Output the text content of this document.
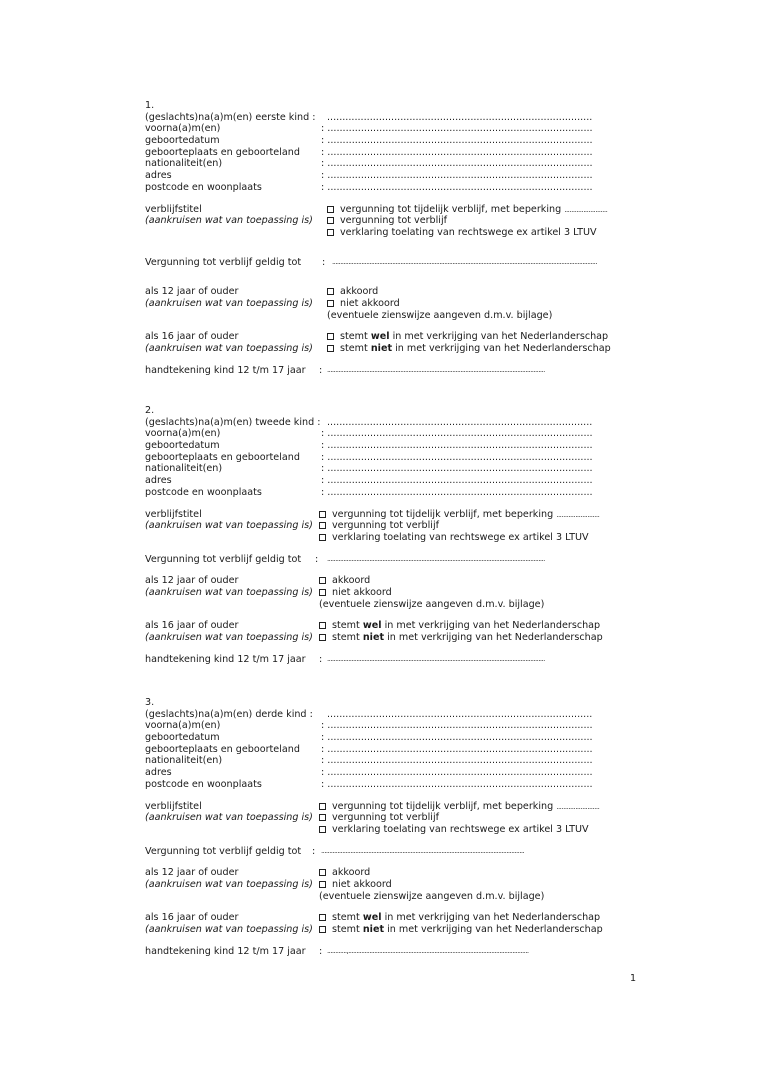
1.
(geslachts)na(a)m(en) eerste kind : .......................................................................................
voorna(a)m(en)	: .......................................................................................
geboortedatum	: .......................................................................................
geboorteplaats en geboorteland : .......................................................................................
nationaliteit(en)	: .......................................................................................
adres	: .......................................................................................
postcode en woonplaats	: .......................................................................................
verblijfstitel	vergunning tot tijdelijk verblijf, met beperking .........................
(aankruisen wat van toepassing is)	vergunning tot verblijf
verklaring toelating van rechtswege ex artikel 3 LTUV
Vergunning tot verblijf geldig tot : ...................................................................................................................................................................
als 12 jaar of ouder	akkoord
(aankruisen wat van toepassing is)	niet akkoord
(eventuele zienswijze aangeven d.m.v. bijlage)
als 16 jaar of ouder	stemt wel in met verkrijging van het Nederlanderschap
(aankruisen wat van toepassing is)	stemt niet in met verkrijging van het Nederlanderschap
handtekening kind 12 t/m 17 jaar : ......................................................................................................................................
2.
(geslachts)na(a)m(en) tweede kind : .......................................................................................
voorna(a)m(en)	: .......................................................................................
geboortedatum	: .......................................................................................
geboorteplaats en geboorteland : .......................................................................................
nationaliteit(en)	: .......................................................................................
adres	: .......................................................................................
postcode en woonplaats	: .......................................................................................
verblijfstitel	vergunning tot tijdelijk verblijf, met beperking .........................
(aankruisen wat van toepassing is)	vergunning tot verblijf
verklaring toelating van rechtswege ex artikel 3 LTUV
Vergunning tot verblijf geldig tot : ......................................................................................................................................
als 12 jaar of ouder	akkoord
(aankruisen wat van toepassing is)	niet akkoord
(eventuele zienswijze aangeven d.m.v. bijlage)
als 16 jaar of ouder	stemt wel in met verkrijging van het Nederlanderschap
(aankruisen wat van toepassing is)	stemt niet in met verkrijging van het Nederlanderschap
handtekening kind 12 t/m 17 jaar : ......................................................................................................................................
3.
(geslachts)na(a)m(en) derde kind : .......................................................................................
voorna(a)m(en)	: .......................................................................................
geboortedatum	: .......................................................................................
geboorteplaats en geboorteland : .......................................................................................
nationaliteit(en)	: .......................................................................................
adres	: .......................................................................................
postcode en woonplaats	: .......................................................................................
verblijfstitel	vergunning tot tijdelijk verblijf, met beperking .........................
(aankruisen wat van toepassing is)	vergunning tot verblijf
verklaring toelating van rechtswege ex artikel 3 LTUV
Vergunning tot verblijf geldig tot : .............................................................................................................................
als 12 jaar of ouder	akkoord
(aankruisen wat van toepassing is)	niet akkoord
(eventuele zienswijze aangeven d.m.v. bijlage)
als 16 jaar of ouder	stemt wel in met verkrijging van het Nederlanderschap
(aankruisen wat van toepassing is)	stemt niet in met verkrijging van het Nederlanderschap
handtekening kind 12 t/m 17 jaar : ............,...............................................................................................................
1
